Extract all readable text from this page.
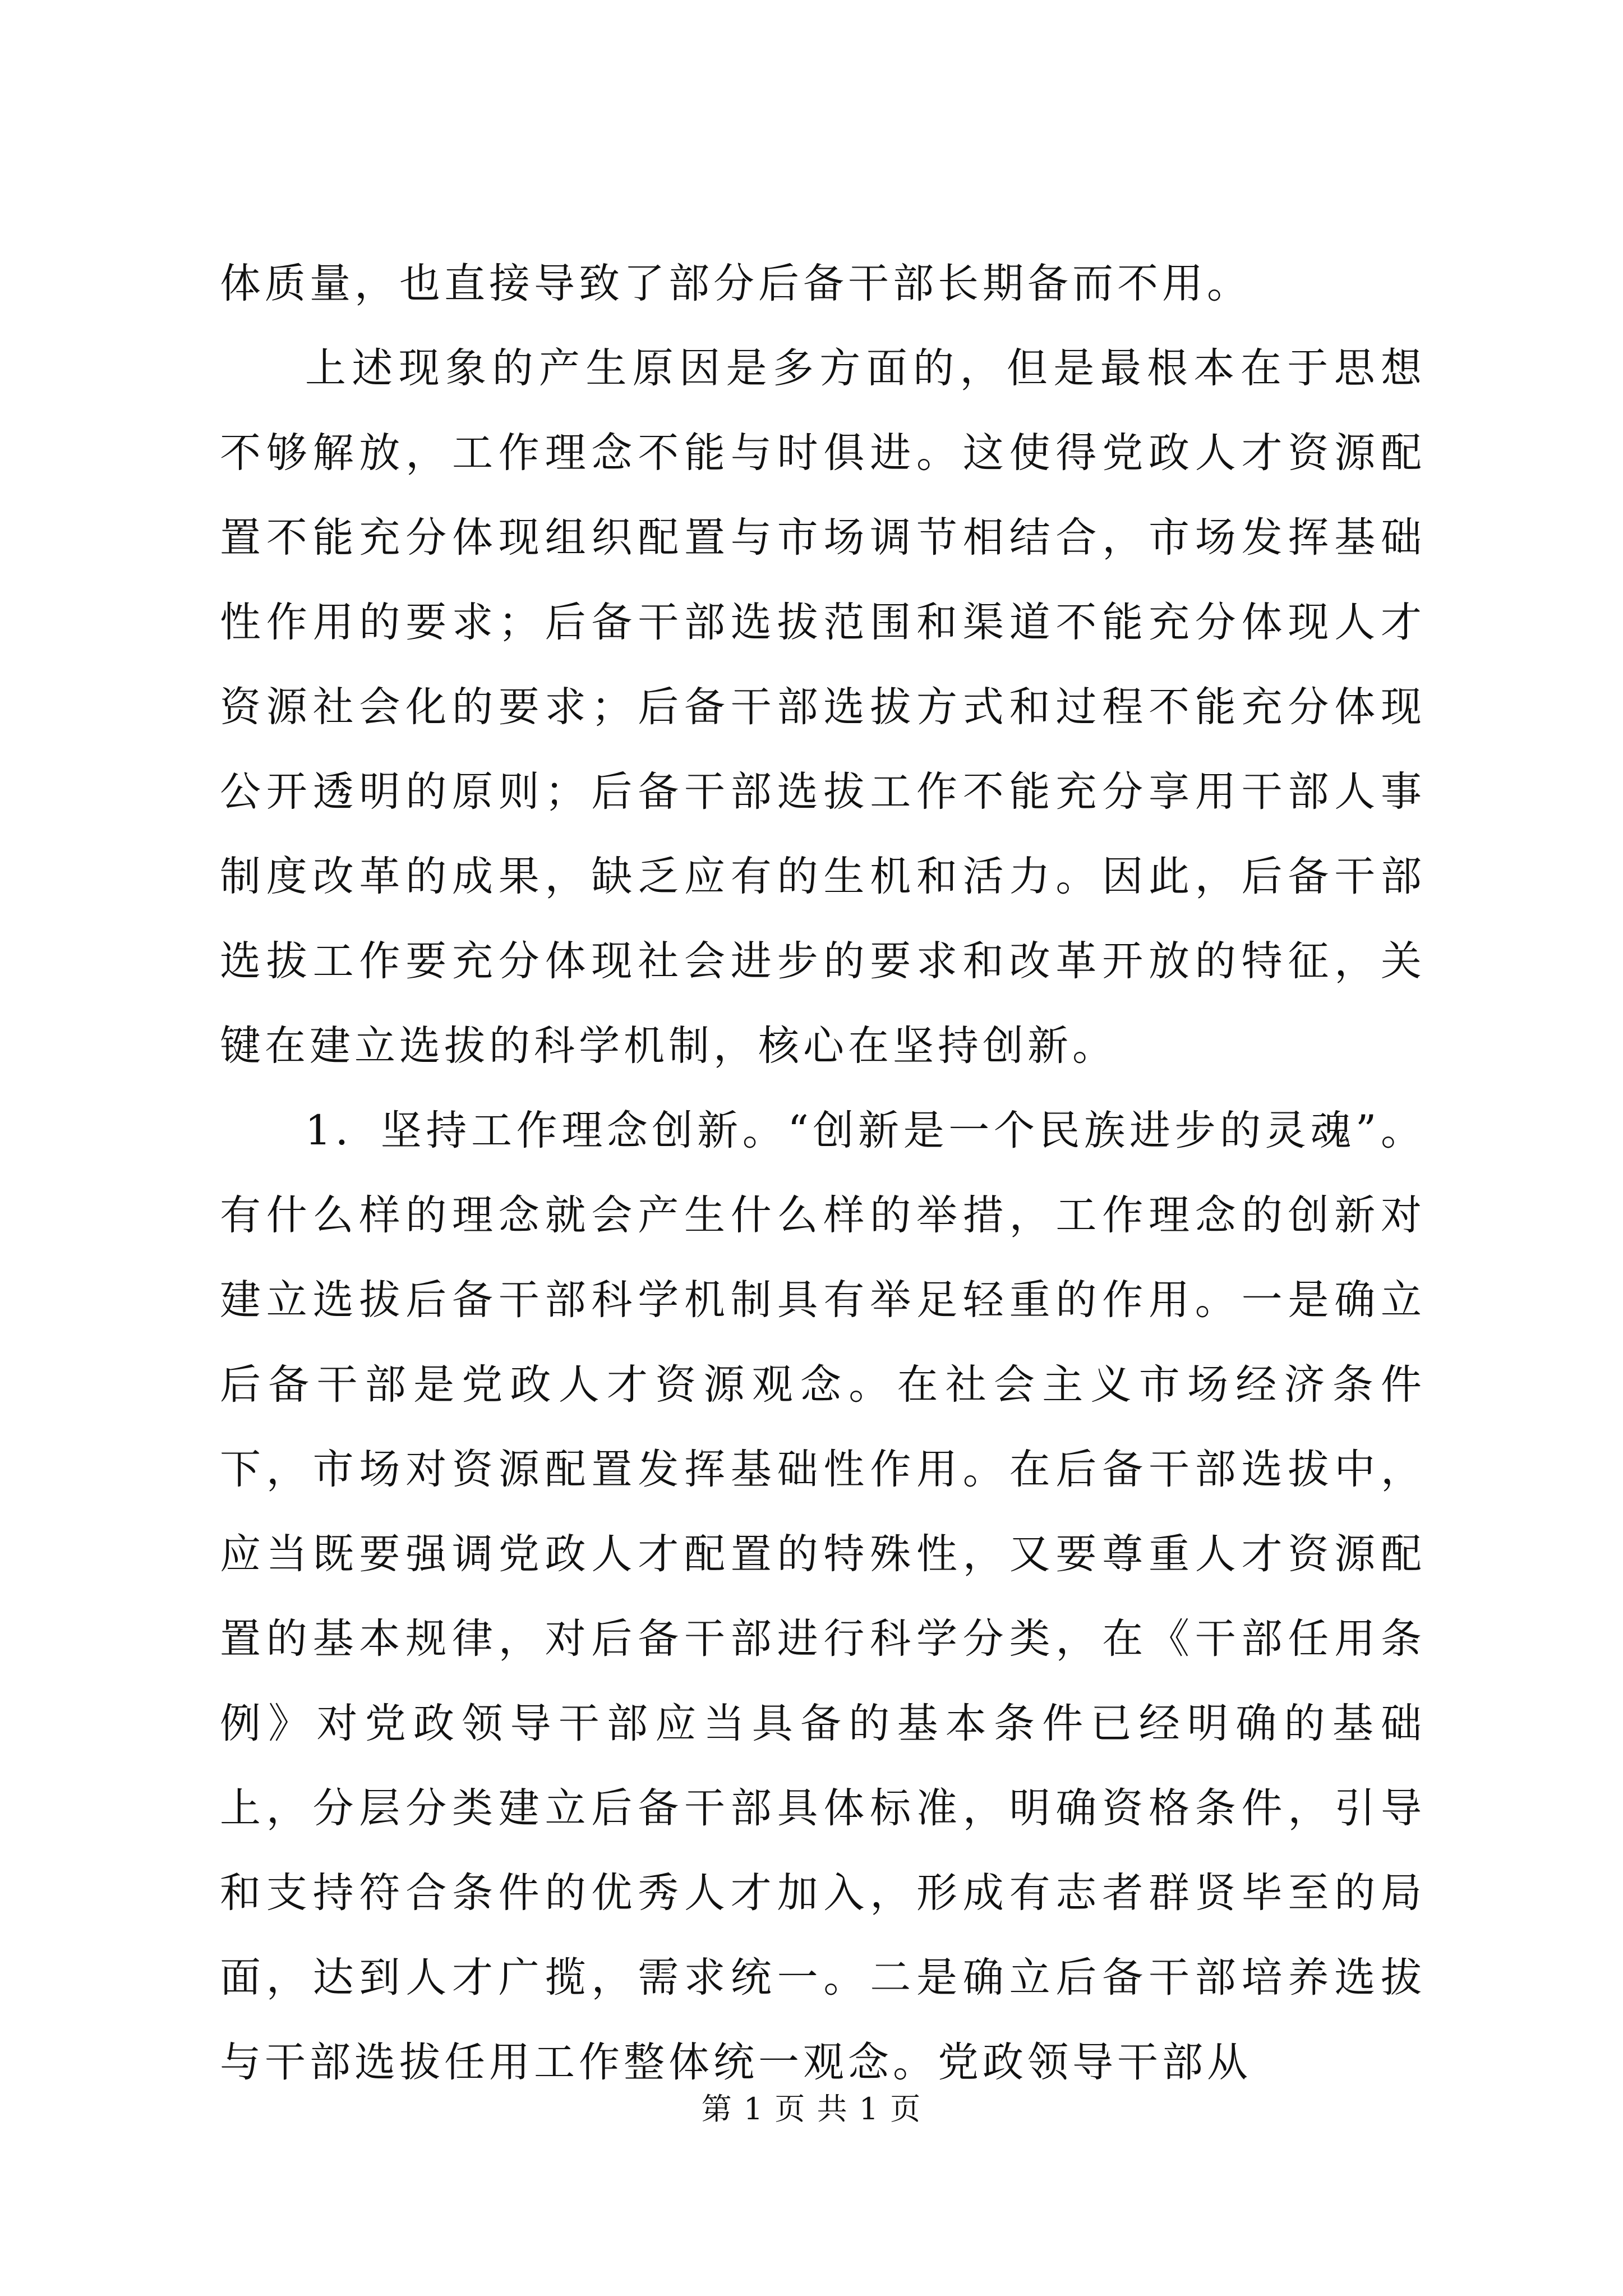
体质量，也直接导致了部分后备干部长期备而不用。

上述现象的产生原因是多方面的，但是最根本在于思想不够解放，工作理念不能与时俱进。这使得党政人才资源配置不能充分体现组织配置与市场调节相结合，市场发挥基础性作用的要求；后备干部选拔范围和渠道不能充分体现人才资源社会化的要求；后备干部选拔方式和过程不能充分体现公开透明的原则；后备干部选拔工作不能充分享用干部人事制度改革的成果，缺乏应有的生机和活力。因此，后备干部选拔工作要充分体现社会进步的要求和改革开放的特征，关键在建立选拔的科学机制，核心在坚持创新。

1．坚持工作理念创新。“创新是一个民族进步的灵魂”。有什么样的理念就会产生什么样的举措，工作理念的创新对建立选拔后备干部科学机制具有举足轻重的作用。一是确立后备干部是党政人才资源观念。在社会主义市场经济条件下，市场对资源配置发挥基础性作用。在后备干部选拔中，应当既要强调党政人才配置的特殊性，又要尊重人才资源配置的基本规律，对后备干部进行科学分类，在《干部任用条例》对党政领导干部应当具备的基本条件已经明确的基础上，分层分类建立后备干部具体标准，明确资格条件，引导和支持符合条件的优秀人才加入，形成有志者群贤毕至的局面，达到人才广揽，需求统一。二是确立后备干部培养选拔与干部选拔任用工作整体统一观念。党政领导干部从

第 1 页 共 1 页
